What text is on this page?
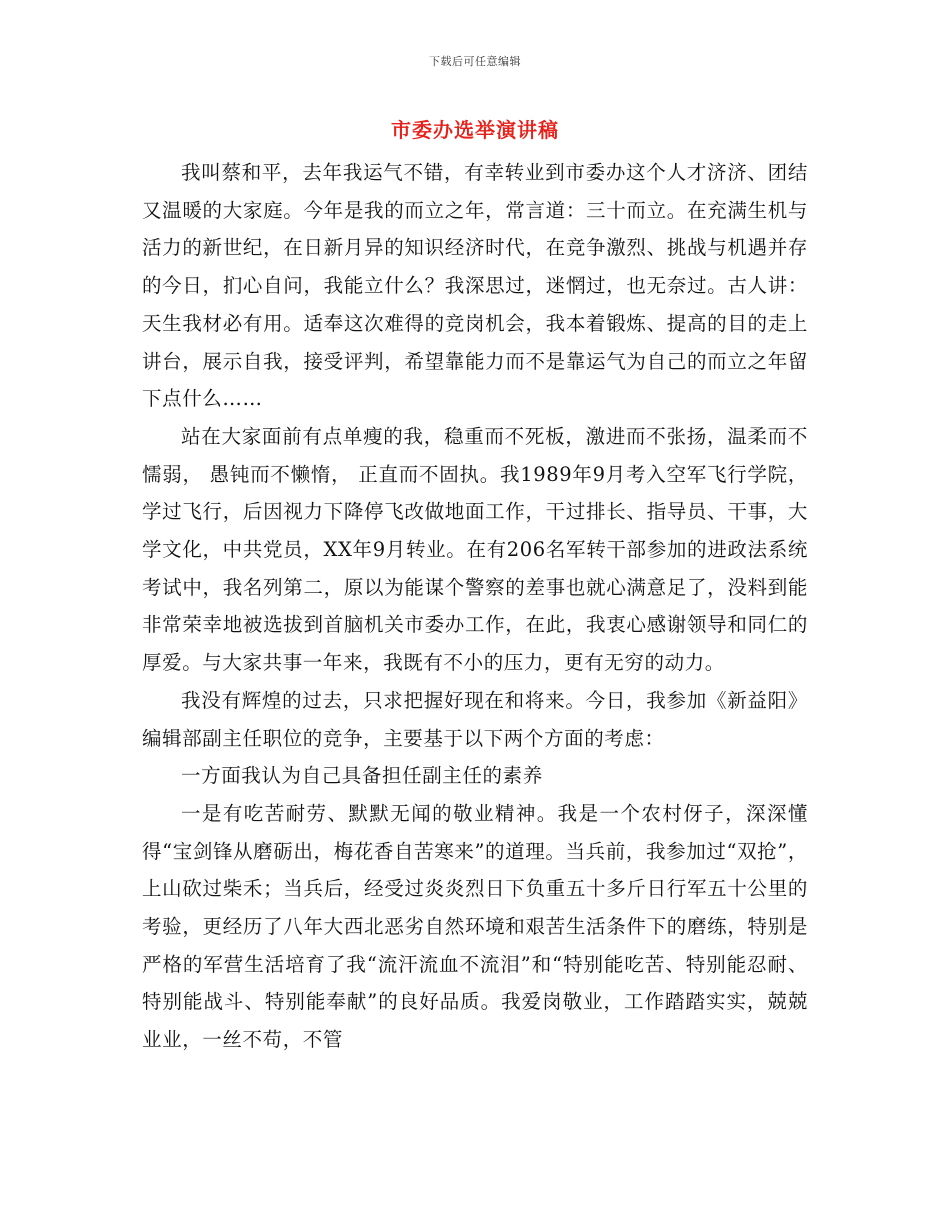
下载后可任意编辑
市委办选举演讲稿

我叫蔡和平，去年我运气不错，有幸转业到市委办这个人才济济、团结又温暖的大家庭。今年是我的而立之年，常言道：三十而立。在充满生机与活力的新世纪，在日新月异的知识经济时代，在竞争激烈、挑战与机遇并存的今日，扪心自问，我能立什么？我深思过，迷惘过，也无奈过。古人讲：天生我材必有用。适奉这次难得的竞岗机会，我本着锻炼、提高的目的走上讲台，展示自我，接受评判，希望靠能力而不是靠运气为自己的而立之年留下点什么……

站在大家面前有点单瘦的我，稳重而不死板，激进而不张扬，温柔而不懦弱， 愚钝而不懒惰， 正直而不固执。我1989年9月考入空军飞行学院，学过飞行，后因视力下降停飞改做地面工作，干过排长、指导员、干事，大学文化，中共党员，XX年9月转业。在有206名军转干部参加的进政法系统考试中，我名列第二，原以为能谋个警察的差事也就心满意足了，没料到能非常荣幸地被选拔到首脑机关市委办工作，在此，我衷心感谢领导和同仁的厚爱。与大家共事一年来，我既有不小的压力，更有无穷的动力。

我没有辉煌的过去，只求把握好现在和将来。今日，我参加《新益阳》编辑部副主任职位的竞争，主要基于以下两个方面的考虑：

一方面我认为自己具备担任副主任的素养

一是有吃苦耐劳、默默无闻的敬业精神。我是一个农村伢子，深深懂得“宝剑锋从磨砺出，梅花香自苦寒来”的道理。当兵前，我参加过“双抢”，上山砍过柴禾；当兵后，经受过炎炎烈日下负重五十多斤日行军五十公里的考验，更经历了八年大西北恶劣自然环境和艰苦生活条件下的磨练，特别是严格的军营生活培育了我“流汗流血不流泪”和“特别能吃苦、特别能忍耐、特别能战斗、特别能奉献”的良好品质。我爱岗敬业，工作踏踏实实，兢兢业业，一丝不苟，不管
